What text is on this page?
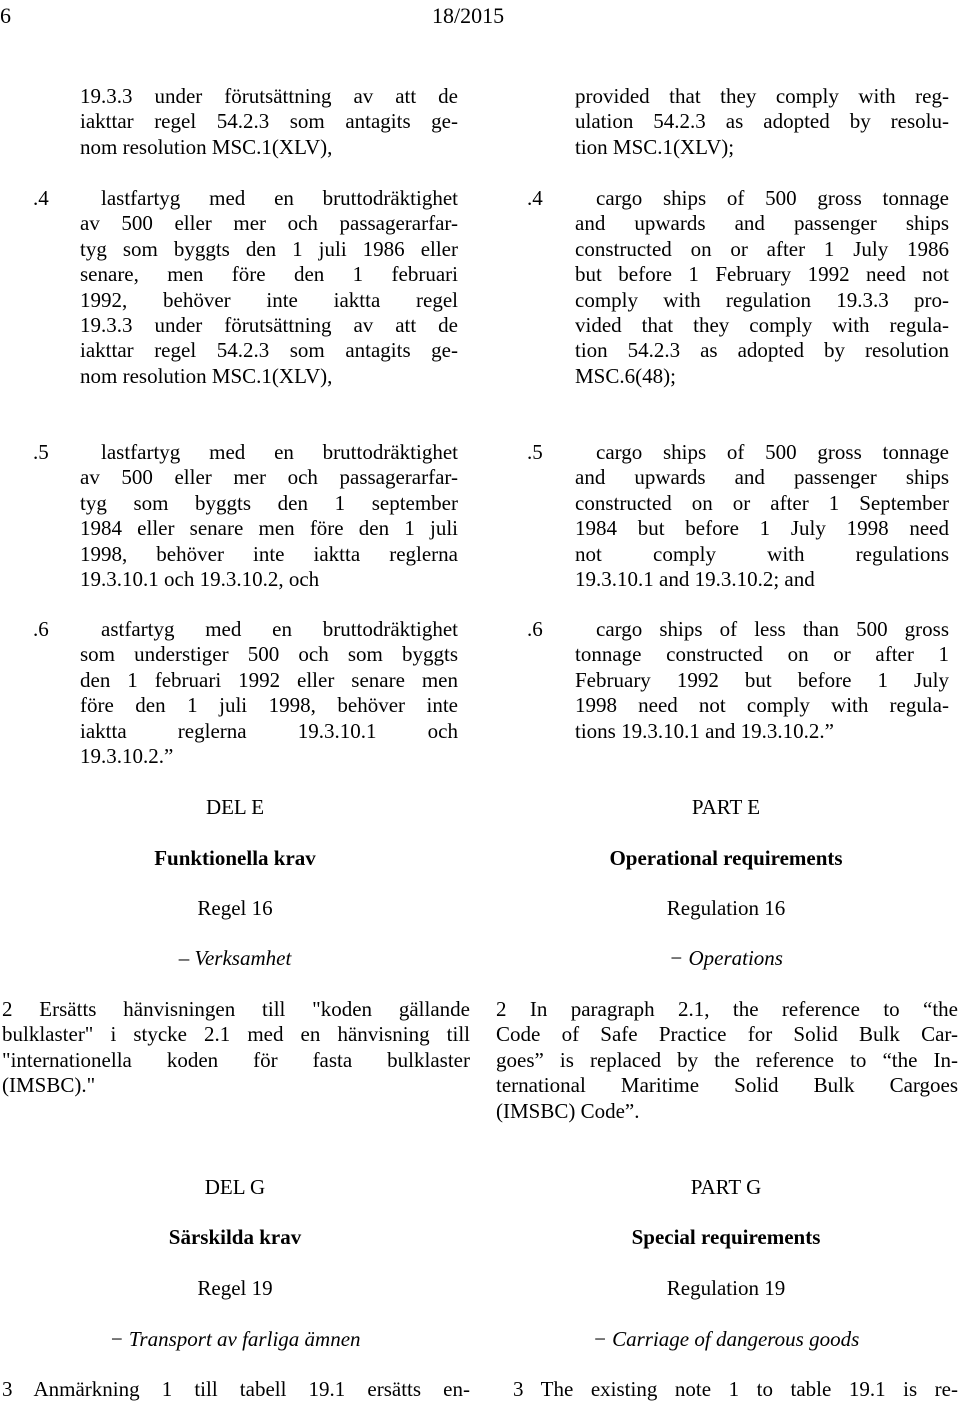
6	18/2015
19.3.3 under förutsättning av att de
iakttar regel 54.2.3 som antagits ge-
nom resolution MSC.1(XLV),
.4	lastfartyg med en bruttodräktighet
av 500 eller mer och passagerarfar-
tyg som byggts den 1 juli 1986 eller
senare, men före den 1 februari
1992, behöver inte iaktta regel
19.3.3 under förutsättning av att de
iakttar regel 54.2.3 som antagits ge-
nom resolution MSC.1(XLV),
.5	lastfartyg med en bruttodräktighet
av 500 eller mer och passagerarfar-
tyg som byggts den 1 september
1984 eller senare men före den 1 juli
1998, behöver inte iaktta reglerna
19.3.10.1 och 19.3.10.2, och
.6	astfartyg med en bruttodräktighet
som understiger 500 och som byggts
den 1 februari 1992 eller senare men
före den 1 juli 1998, behöver inte
iaktta reglerna 19.3.10.1 och
19.3.10.2.”
DEL E
Funktionella krav
Regel 16
– Verksamhet
2 Ersätts hänvisningen till "koden gällande
bulklaster" i stycke 2.1 med en hänvisning till
"internationella koden för fasta bulklaster
(IMSBC)."
DEL G
Särskilda krav
Regel 19
− Transport av farliga ämnen
3 Anmärkning 1 till tabell 19.1 ersätts en-
provided that they comply with reg-
ulation 54.2.3 as adopted by resolu-
tion MSC.1(XLV);
.4	cargo ships of 500 gross tonnage
and upwards and passenger ships
constructed on or after 1 July 1986
but before 1 February 1992 need not
comply with regulation 19.3.3 pro-
vided that they comply with regula-
tion 54.2.3 as adopted by resolution
MSC.6(48);
.5	cargo ships of 500 gross tonnage
and upwards and passenger ships
constructed on or after 1 September
1984 but before 1 July 1998 need
not comply with regulations
19.3.10.1 and 19.3.10.2; and
.6	cargo ships of less than 500 gross
tonnage constructed on or after 1
February 1992 but before 1 July
1998 need not comply with regula-
tions 19.3.10.1 and 19.3.10.2.”
PART E
Operational requirements
Regulation 16
− Operations
2 In paragraph 2.1, the reference to “the
Code of Safe Practice for Solid Bulk Car-
goes” is replaced by the reference to “the In-
ternational Maritime Solid Bulk Cargoes
(IMSBC) Code”.
PART G
Special requirements
Regulation 19
− Carriage of dangerous goods
3 The existing note 1 to table 19.1 is re-
